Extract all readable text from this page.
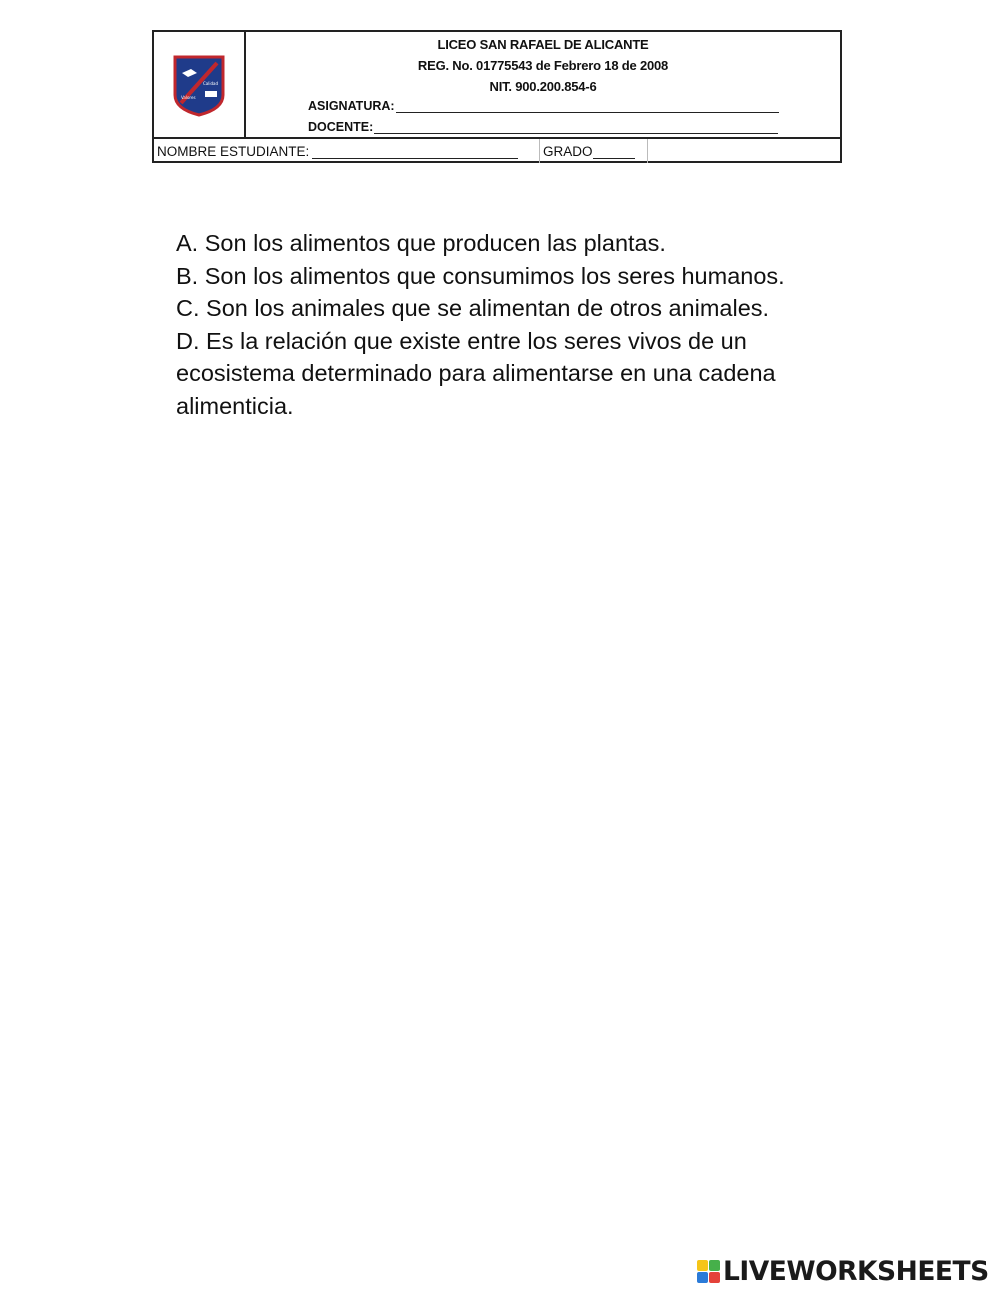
Valores
Calidad
LICEO SAN RAFAEL DE ALICANTE
REG. No. 01775543 de Febrero 18 de 2008
NIT. 900.200.854-6
ASIGNATURA:
DOCENTE:
NOMBRE ESTUDIANTE:	GRADO

A. Son los alimentos que producen las plantas.

B. Son los alimentos que consumimos los seres humanos.

C. Son los animales que se alimentan de otros animales.

D. Es la relación que existe entre los seres vivos de un ecosistema determinado para alimentarse en una cadena alimenticia.

LIVEWORKSHEETS
